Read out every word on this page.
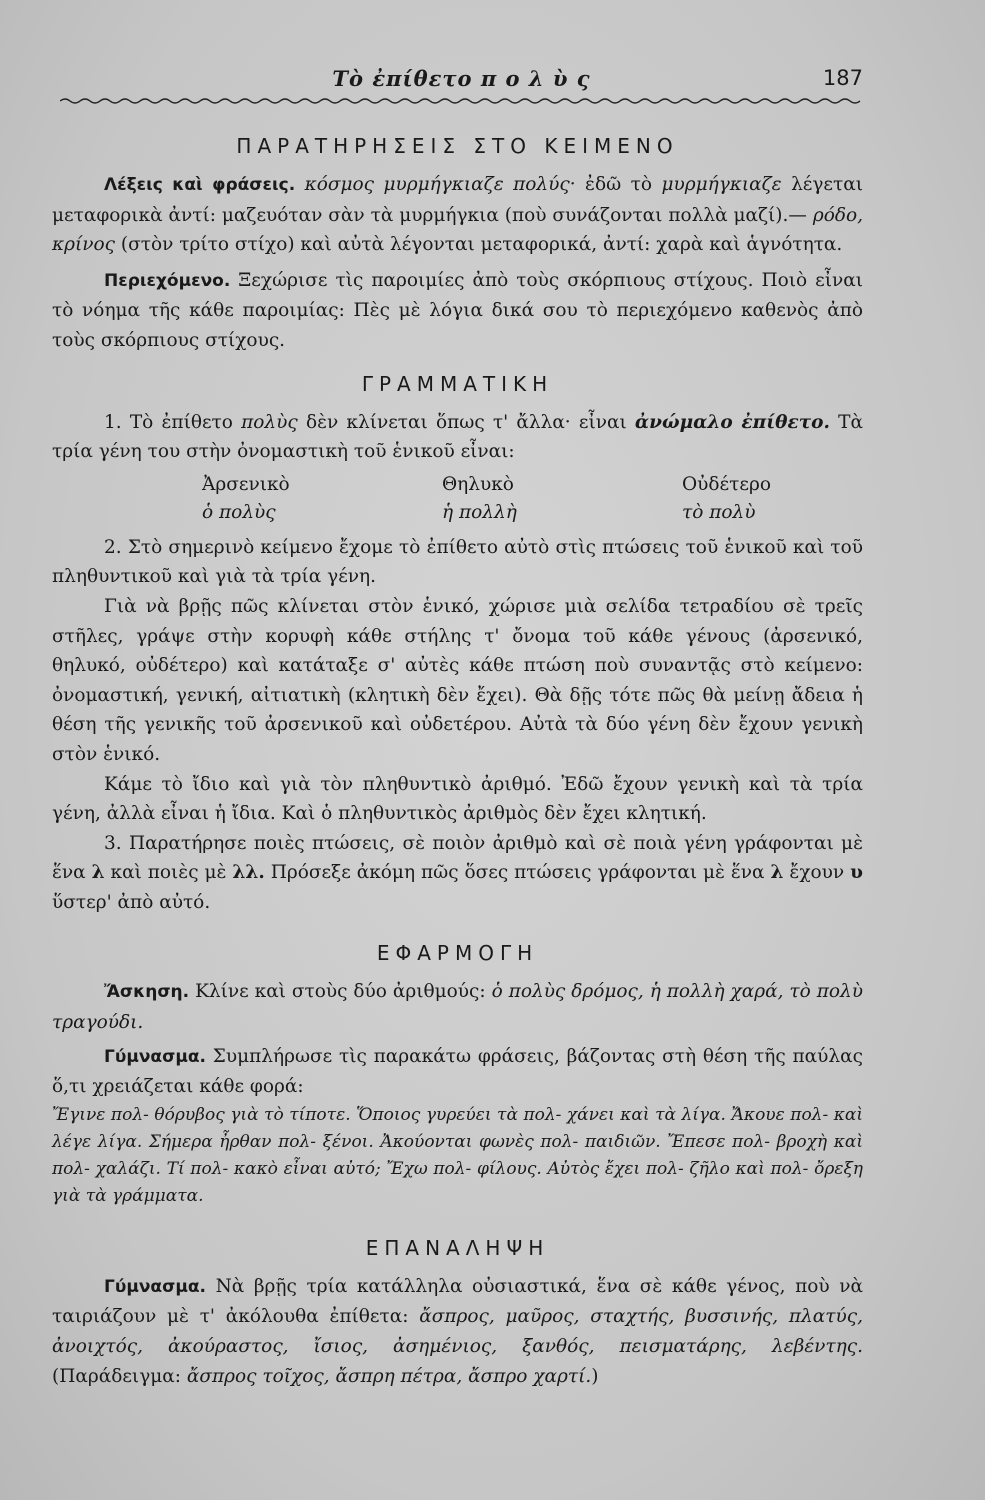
Τὸ ἐπίθετο π ο λ ὺ ς	187
ΠΑΡΑΤΗΡΗΣΕΙΣ ΣΤΟ ΚΕΙΜΕΝΟ

Λέξεις καὶ φράσεις. κόσμος μυρμήγκιαζε πολύς· ἐδῶ τὸ μυρμήγκιαζε λέγεται μεταφορικὰ ἀντί: μαζευόταν σὰν τὰ μυρμήγκια (ποὺ συνάζονται πολλὰ μαζί).— ρόδο, κρίνος (στὸν τρίτο στίχο) καὶ αὐτὰ λέγονται μεταφορικά, ἀντί: χαρὰ καὶ ἁγνότητα.

Περιεχόμενο. Ξεχώρισε τὶς παροιμίες ἀπὸ τοὺς σκόρπιους στίχους. Ποιὸ εἶναι τὸ νόημα τῆς κάθε παροιμίας: Πὲς μὲ λόγια δικά σου τὸ περιεχόμενο καθενὸς ἀπὸ τοὺς σκόρπιους στίχους.

ΓΡΑΜΜΑΤΙΚΗ

1. Τὸ ἐπίθετο πολὺς δὲν κλίνεται ὅπως τ' ἄλλα· εἶναι ἀνώμαλο ἐπίθετο. Τὰ τρία γένη του στὴν ὀνομαστικὴ τοῦ ἑνικοῦ εἶναι:

Ἀρσενικὸ	Θηλυκὸ	Οὐδέτερο
ὁ πολὺς	ἡ πολλὴ	τὸ πολὺ

2. Στὸ σημερινὸ κείμενο ἔχομε τὸ ἐπίθετο αὐτὸ στὶς πτώσεις τοῦ ἑνικοῦ καὶ τοῦ πληθυντικοῦ καὶ γιὰ τὰ τρία γένη.

Γιὰ νὰ βρῇς πῶς κλίνεται στὸν ἑνικό, χώρισε μιὰ σελίδα τετραδίου σὲ τρεῖς στῆλες, γράψε στὴν κορυφὴ κάθε στήλης τ' ὄνομα τοῦ κάθε γένους (ἀρσενικό, θηλυκό, οὐδέτερο) καὶ κατάταξε σ' αὐτὲς κάθε πτώση ποὺ συναντᾷς στὸ κείμενο: ὀνομαστική, γενική, αἰτιατικὴ (κλητικὴ δὲν ἔχει). Θὰ δῇς τότε πῶς θὰ μείνῃ ἄδεια ἡ θέση τῆς γενικῆς τοῦ ἀρσενικοῦ καὶ οὐδετέρου. Αὐτὰ τὰ δύο γένη δὲν ἔχουν γενικὴ στὸν ἑνικό.

Κάμε τὸ ἴδιο καὶ γιὰ τὸν πληθυντικὸ ἀριθμό. Ἐδῶ ἔχουν γενικὴ καὶ τὰ τρία γένη, ἀλλὰ εἶναι ἡ ἴδια. Καὶ ὁ πληθυντικὸς ἀριθμὸς δὲν ἔχει κλητική.

3. Παρατήρησε ποιὲς πτώσεις, σὲ ποιὸν ἀριθμὸ καὶ σὲ ποιὰ γένη γράφονται μὲ ἕνα λ καὶ ποιὲς μὲ λλ. Πρόσεξε ἀκόμη πῶς ὅσες πτώσεις γράφονται μὲ ἕνα λ ἔχουν υ ὕστερ' ἀπὸ αὐτό.

ΕΦΑΡΜΟΓΗ

Ἄσκηση. Κλίνε καὶ στοὺς δύο ἀριθμούς: ὁ πολὺς δρόμος, ἡ πολλὴ χαρά, τὸ πολὺ τραγούδι.

Γύμνασμα. Συμπλήρωσε τὶς παρακάτω φράσεις, βάζοντας στὴ θέση τῆς παύλας ὅ,τι χρειάζεται κάθε φορά:

Ἔγινε πολ- θόρυβος γιὰ τὸ τίποτε. Ὅποιος γυρεύει τὰ πολ- χάνει καὶ τὰ λίγα. Ἄκουε πολ- καὶ λέγε λίγα. Σήμερα ἦρθαν πολ- ξένοι. Ἀκούονται φωνὲς πολ- παιδιῶν. Ἔπεσε πολ- βροχὴ καὶ πολ- χαλάζι. Τί πολ- κακὸ εἶναι αὐτό; Ἔχω πολ- φίλους. Αὐτὸς ἔχει πολ- ζῆλο καὶ πολ- ὄρεξη γιὰ τὰ γράμματα.

ΕΠΑΝΑΛΗΨΗ

Γύμνασμα. Νὰ βρῇς τρία κατάλληλα οὐσιαστικά, ἕνα σὲ κάθε γένος, ποὺ νὰ ταιριάζουν μὲ τ' ἀκόλουθα ἐπίθετα: ἄσπρος, μαῦρος, σταχτής, βυσσινής, πλατύς, ἀνοιχτός, ἀκούραστος, ἴσιος, ἀσημένιος, ξανθός, πεισματάρης, λεβέντης. (Παράδειγμα: ἄσπρος τοῖχος, ἄσπρη πέτρα, ἄσπρο χαρτί.)
